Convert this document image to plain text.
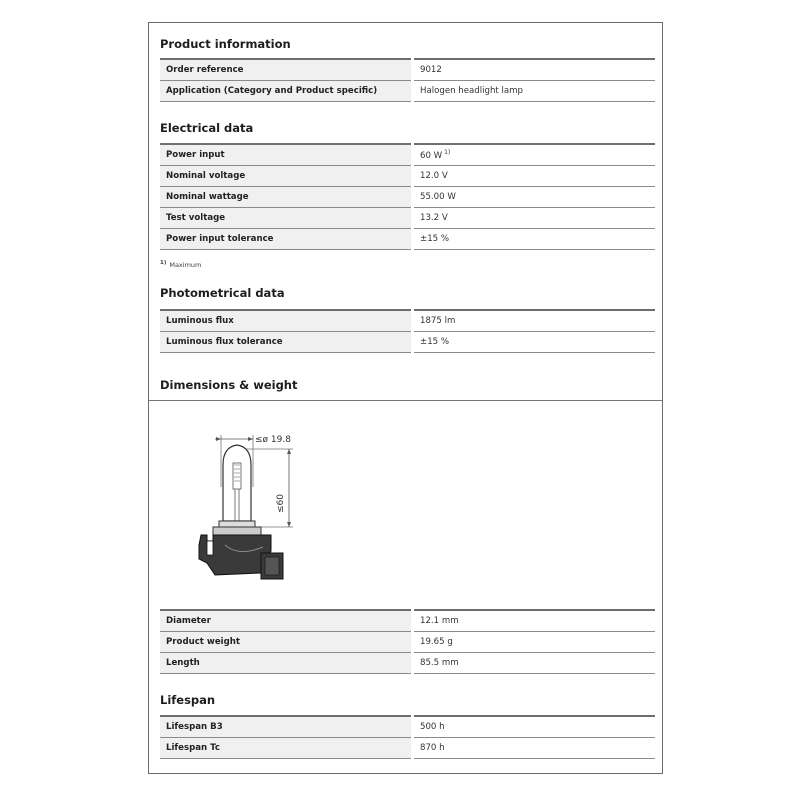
Product information
Order reference	9012
Application (Category and Product specific)	Halogen headlight lamp
Electrical data
Power input	60 W $^{1)}$
Nominal voltage	12.0 V
Nominal wattage	55.00 W
Test voltage	13.2 V
Power input tolerance	±15 %
$^{1)}$ Maximum
Photometrical data
Luminous flux	1875 lm
Luminous flux tolerance	±15 %
Dimensions & weight
≤ø 19.8
≤60
Diameter	12.1 mm
Product weight	19.65 g
Length	85.5 mm
Lifespan
Lifespan B3	500 h
Lifespan Tc	870 h
